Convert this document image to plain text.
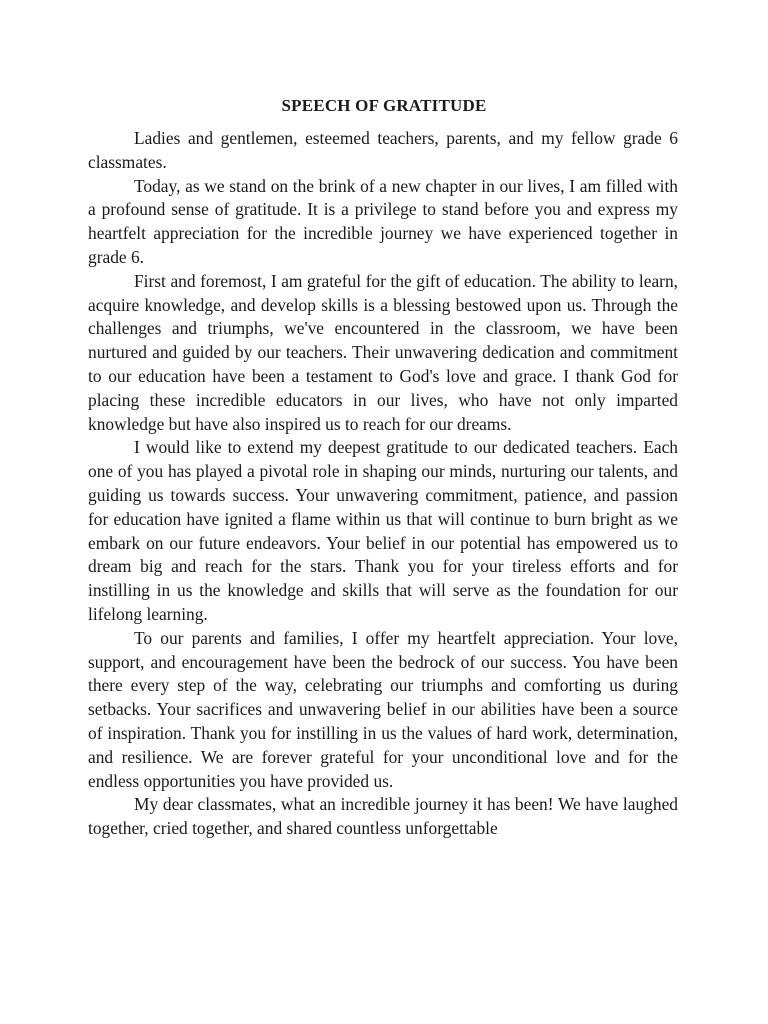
SPEECH OF GRATITUDE

Ladies and gentlemen, esteemed teachers, parents, and my fellow grade 6 classmates.

Today, as we stand on the brink of a new chapter in our lives, I am filled with a profound sense of gratitude. It is a privilege to stand before you and express my heartfelt appreciation for the incredible journey we have experienced together in grade 6.

First and foremost, I am grateful for the gift of education. The ability to learn, acquire knowledge, and develop skills is a blessing bestowed upon us. Through the challenges and triumphs, we've encountered in the classroom, we have been nurtured and guided by our teachers. Their unwavering dedication and commitment to our education have been a testament to God's love and grace. I thank God for placing these incredible educators in our lives, who have not only imparted knowledge but have also inspired us to reach for our dreams.

I would like to extend my deepest gratitude to our dedicated teachers. Each one of you has played a pivotal role in shaping our minds, nurturing our talents, and guiding us towards success. Your unwavering commitment, patience, and passion for education have ignited a flame within us that will continue to burn bright as we embark on our future endeavors. Your belief in our potential has empowered us to dream big and reach for the stars. Thank you for your tireless efforts and for instilling in us the knowledge and skills that will serve as the foundation for our lifelong learning.

To our parents and families, I offer my heartfelt appreciation. Your love, support, and encouragement have been the bedrock of our success. You have been there every step of the way, celebrating our triumphs and comforting us during setbacks. Your sacrifices and unwavering belief in our abilities have been a source of inspiration. Thank you for instilling in us the values of hard work, determination, and resilience. We are forever grateful for your unconditional love and for the endless opportunities you have provided us.

My dear classmates, what an incredible journey it has been! We have laughed together, cried together, and shared countless unforgettable
